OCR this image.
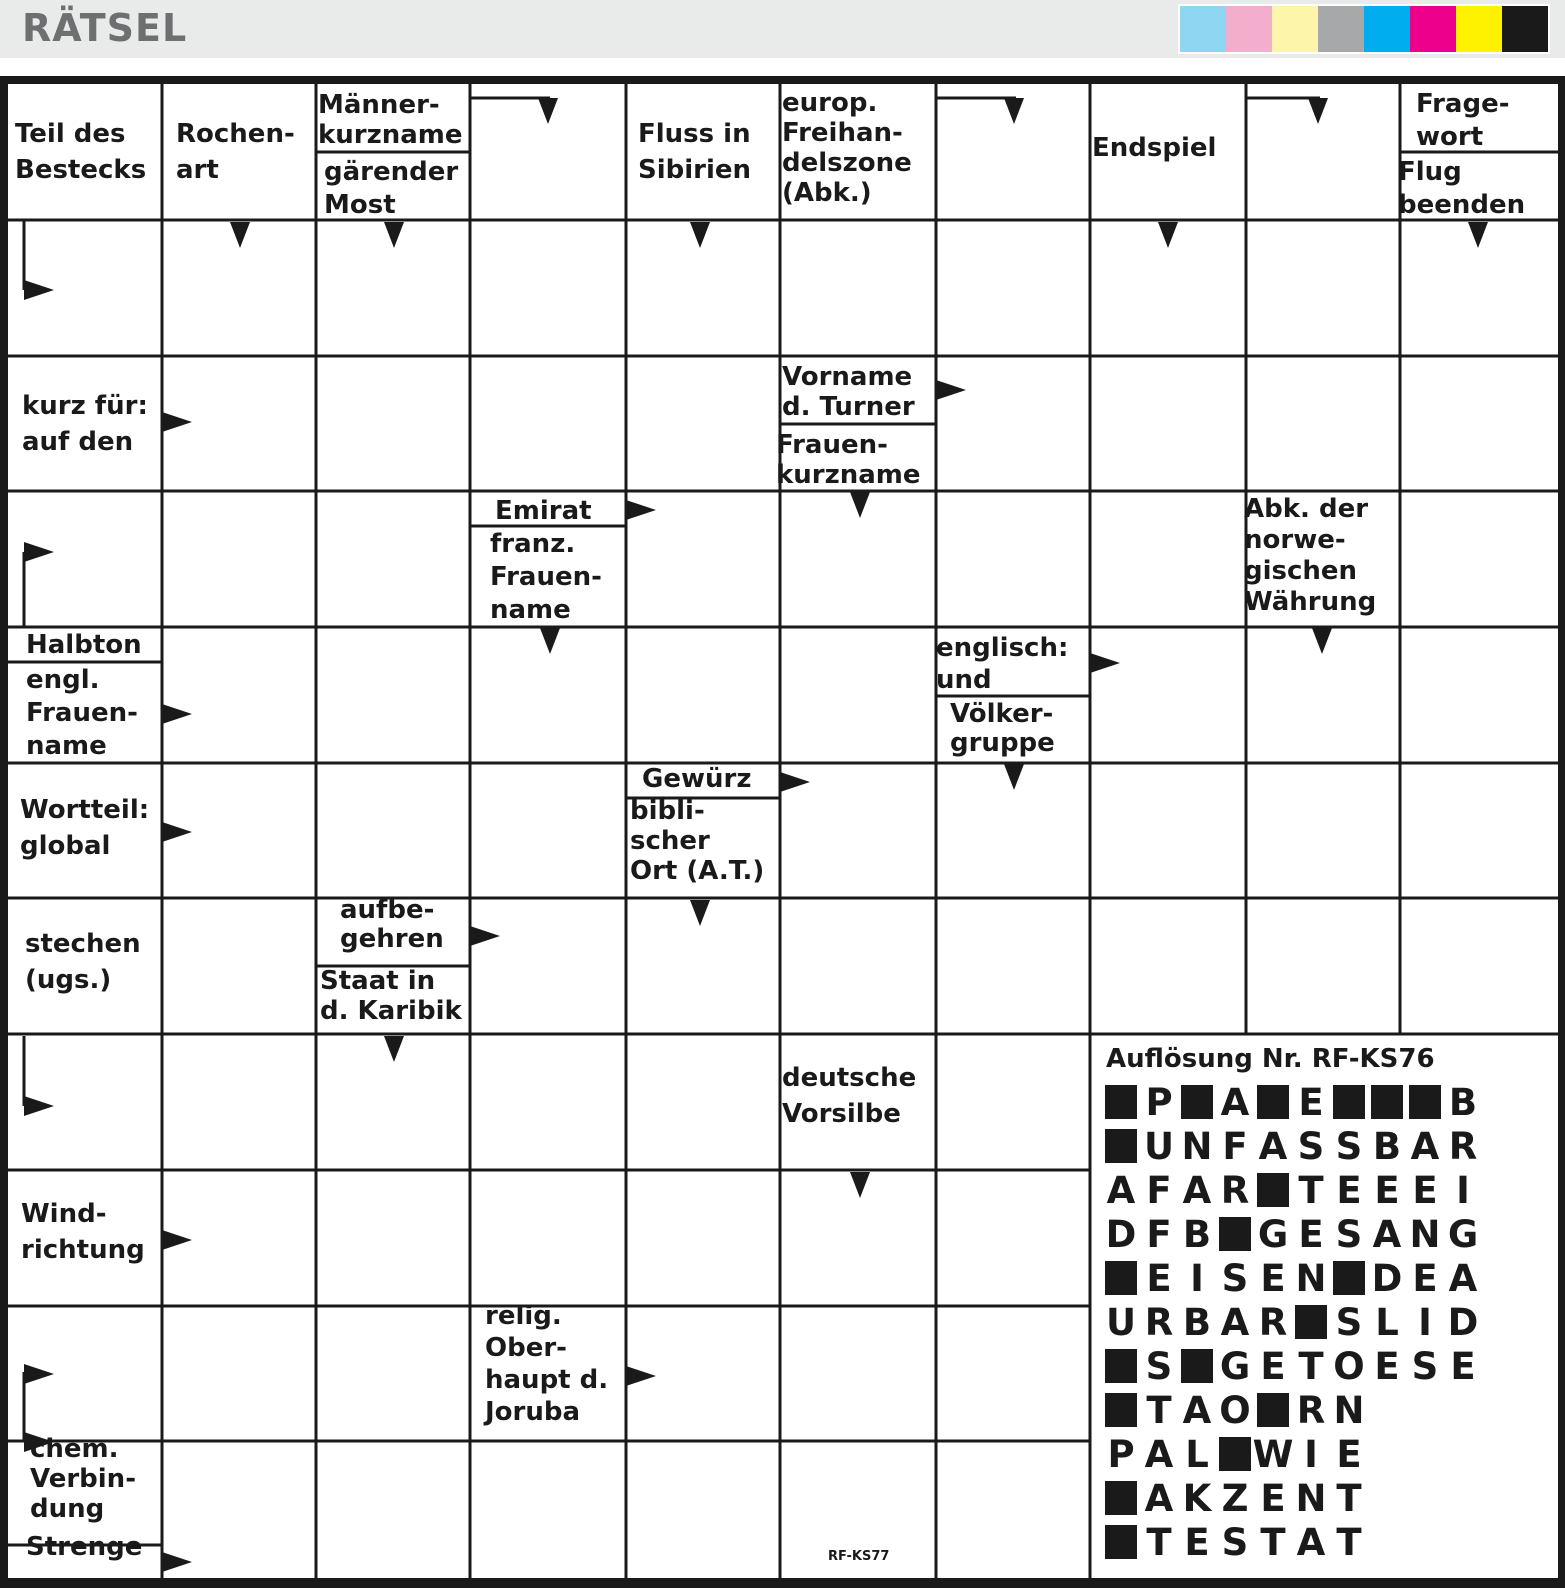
RÄTSEL
Teil des
Bestecks
Rochen-
art
Männer-
kurzname
gärender
Most
Fluss in
Sibirien
europ.
Freihan-
delszone
(Abk.)
Endspiel
Frage-
wort
Flug
beenden
kurz für:
auf den
Vorname
d. Turner
Frauen-
kurzname
Emirat
franz.
Frauen-
name
Abk. der
norwe-
gischen
Währung
Halbton
engl.
Frauen-
name
englisch:
und
Völker-
gruppe
Wortteil:
global
Gewürz
bibli-
scher
Ort (A.T.)
stechen
(ugs.)
aufbe-
gehren
Staat in
d. Karibik
deutsche
Vorsilbe
Wind-
richtung
relig.
Ober-
haupt d.
Joruba
chem.
Verbin-
dung
Strenge
Auflösung Nr. RF-KS76
P A E	B
U N F A S S B A R
A F A R T E E E I
D F B G E S A N G
E I S E N D E A
U R B A R S L I D
S G E T O E S E
T A O R N
P A L W I E
A K Z E N T
T E S T A T
RF-KS77
